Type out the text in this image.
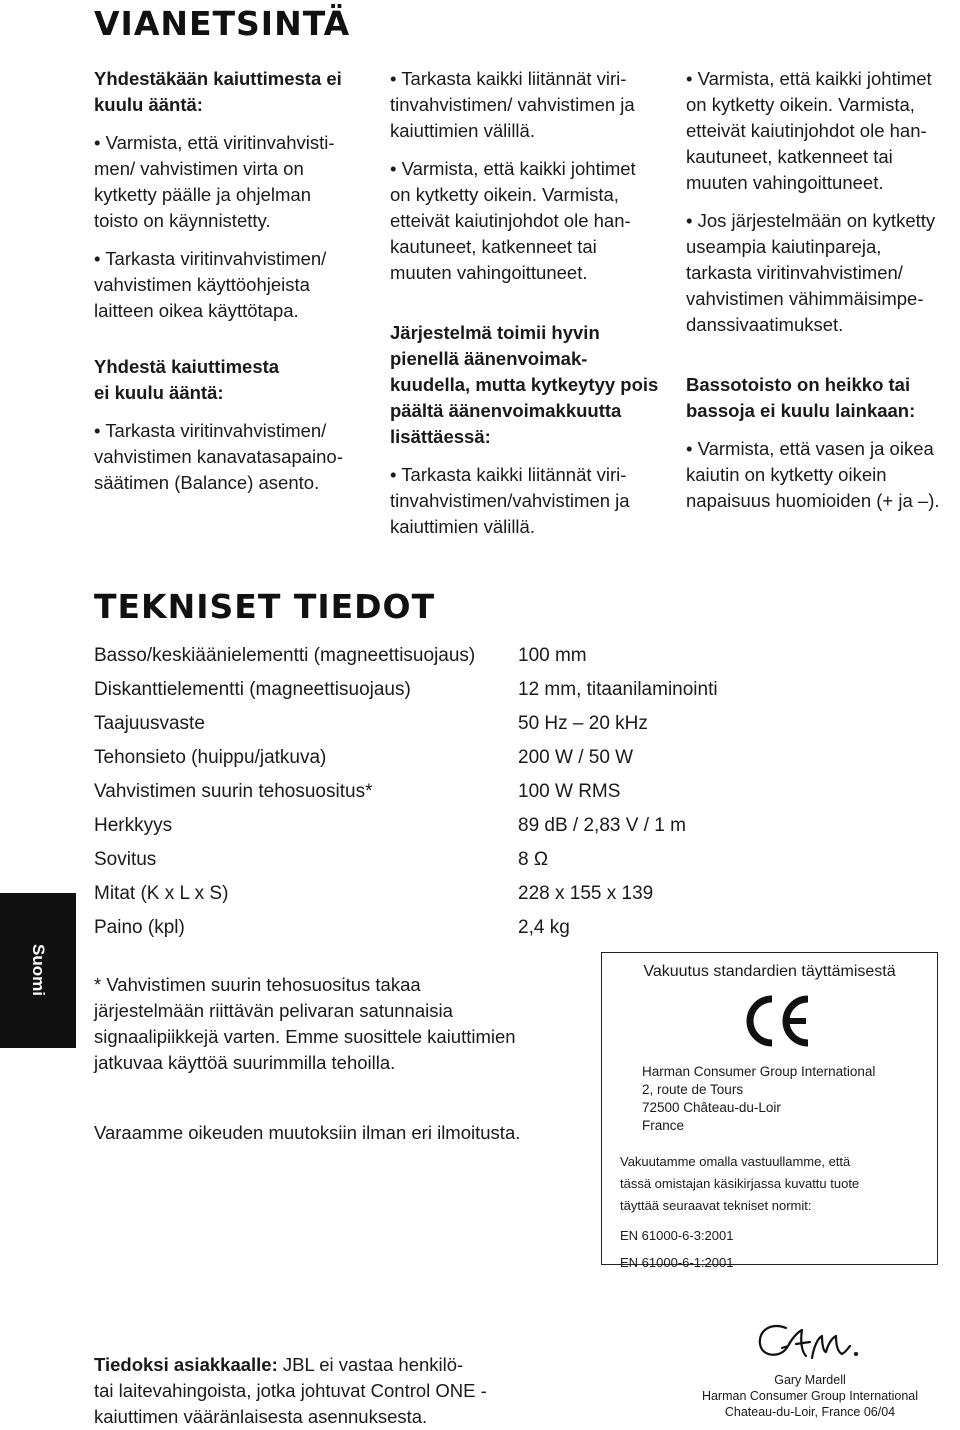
VIANETSINTÄ

Yhdestäkään kaiuttimesta ei

kuulu ääntä:

• Varmista, että viritinvahvisti-

men/ vahvistimen virta on

kytketty päälle ja ohjelman

toisto on käynnistetty.

• Tarkasta viritinvahvistimen/

vahvistimen käyttöohjeista

laitteen oikea käyttötapa.

Yhdestä kaiuttimesta

ei kuulu ääntä:

• Tarkasta viritinvahvistimen/

vahvistimen kanavatasapaino-

säätimen (Balance) asento.

• Tarkasta kaikki liitännät viri-

tinvahvistimen/ vahvistimen ja

kaiuttimien välillä.

• Varmista, että kaikki johtimet

on kytketty oikein. Varmista,

etteivät kaiutinjohdot ole han-

kautuneet, katkenneet tai

muuten vahingoittuneet.

Järjestelmä toimii hyvin

pienellä äänenvoimak-

kuudella, mutta kytkeytyy pois

päältä äänenvoimakkuutta

lisättäessä:

• Tarkasta kaikki liitännät viri-

tinvahvistimen/vahvistimen ja

kaiuttimien välillä.

• Varmista, että kaikki johtimet

on kytketty oikein. Varmista,

etteivät kaiutinjohdot ole han-

kautuneet, katkenneet tai

muuten vahingoittuneet.

• Jos järjestelmään on kytketty

useampia kaiutinpareja,

tarkasta viritinvahvistimen/

vahvistimen vähimmäisimpe-

danssivaatimukset.

Bassotoisto on heikko tai

bassoja ei kuulu lainkaan:

• Varmista, että vasen ja oikea

kaiutin on kytketty oikein

napaisuus huomioiden (+ ja –).

TEKNISET TIEDOT
Basso/keskiäänielementti (magneettisuojaus) 100 mm
Diskanttielementti (magneettisuojaus)	12 mm, titaanilaminointi
Taajuusvaste	50 Hz – 20 kHz
Tehonsieto (huippu/jatkuva)	200 W / 50 W
Vahvistimen suurin tehosuositus*	100 W RMS
Herkkyys	89 dB / 2,83 V / 1 m
Sovitus	8 Ω
Mitat (K x L x S)	228 x 155 x 139
Paino (kpl)	2,4 kg
Suomi * Vahvistimen suurin tehosuositus takaa

järjestelmään riittävän pelivaran satunnaisia

signaalipiikkejä varten. Emme suosittele kaiuttimien

jatkuvaa käyttöä suurimmilla tehoilla.

Varaamme oikeuden muutoksiin ilman eri ilmoitusta.

Tiedoksi asiakkaalle: JBL ei vastaa henkilö-

tai laitevahingoista, jotka johtuvat Control ONE -

kaiuttimen vääränlaisesta asennuksesta.

Vakuutus standardien täyttämisestä
Harman Consumer Group International
2, route de Tours
72500 Château-du-Loir
France
Vakuutamme omalla vastuullamme, että
tässä omistajan käsikirjassa kuvattu tuote
täyttää seuraavat tekniset normit:
EN 61000-6-3:2001
EN 61000-6-1:2001
Gary Mardell
Harman Consumer Group International
Chateau-du-Loir, France 06/04
